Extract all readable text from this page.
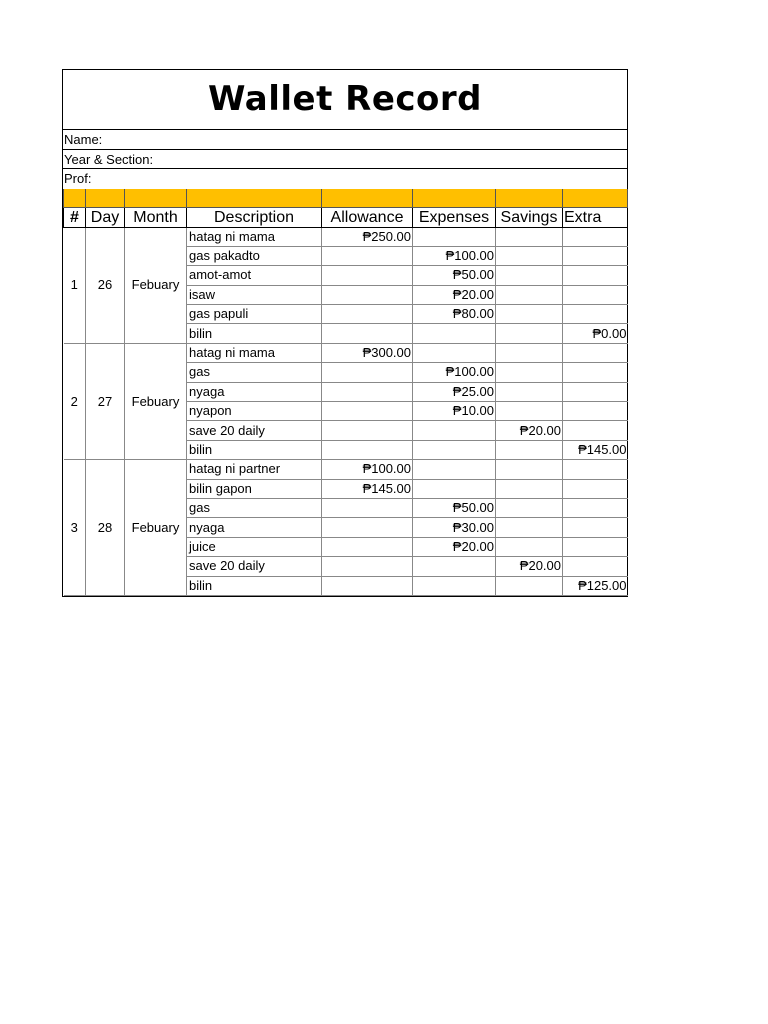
Wallet Record
Name:
Year & Section:
Prof:

#	Day	Month	Description	Allowance	Expenses	Savings	Extra
1	26	Febuary	hatag ni mama	₱250.00			
			gas pakadto		₱100.00		
			amot-amot		₱50.00		
			isaw		₱20.00		
			gas papuli		₱80.00		
			bilin				₱0.00
2	27	Febuary	hatag ni mama	₱300.00			
			gas		₱100.00		
			nyaga		₱25.00		
			nyapon		₱10.00		
			save 20 daily			₱20.00	
			bilin				₱145.00
3	28	Febuary	hatag ni partner	₱100.00			
			bilin gapon	₱145.00			
			gas		₱50.00		
			nyaga		₱30.00		
			juice		₱20.00		
			save 20 daily			₱20.00	
			bilin				₱125.00
